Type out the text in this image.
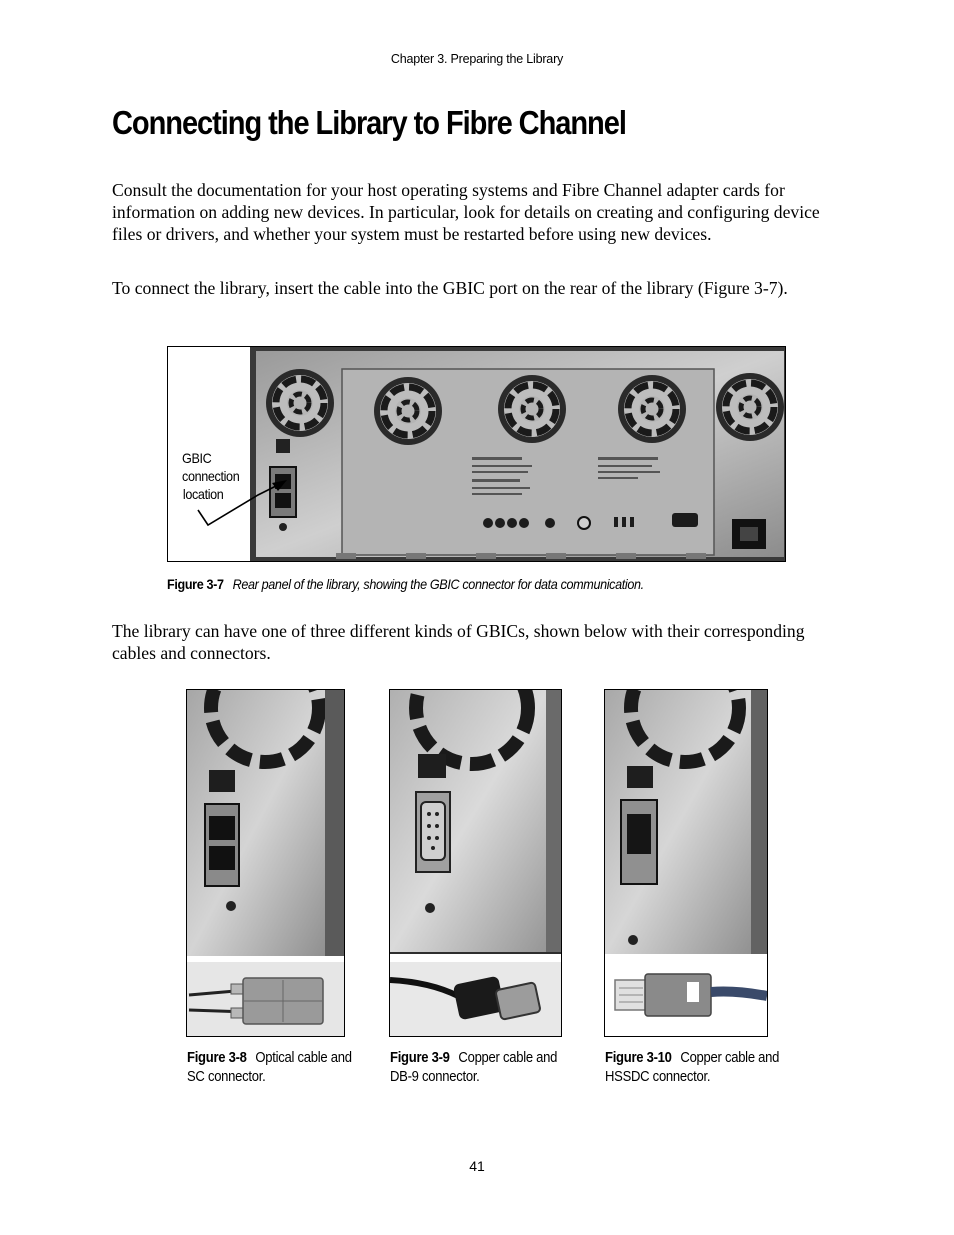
Chapter 3. Preparing the Library
Connecting the Library to Fibre Channel

Consult the documentation for your host operating systems and Fibre Channel adapter cards for information on adding new devices. In particular, look for details on creating and configuring device files or drivers, and whether your system must be restarted before using new devices.

To connect the library, insert the cable into the GBIC port on the rear of the library (Figure 3-7).

GBIC
connection
location
Figure 3-7 Rear panel of the library, showing the GBIC connector for data communication.

The library can have one of three different kinds of GBICs, shown below with their corresponding cables and connectors.

Figure 3-8 Optical cable and SC connector.
Figure 3-9 Copper cable and DB-9 connector.
Figure 3-10 Copper cable and HSSDC connector.
41
